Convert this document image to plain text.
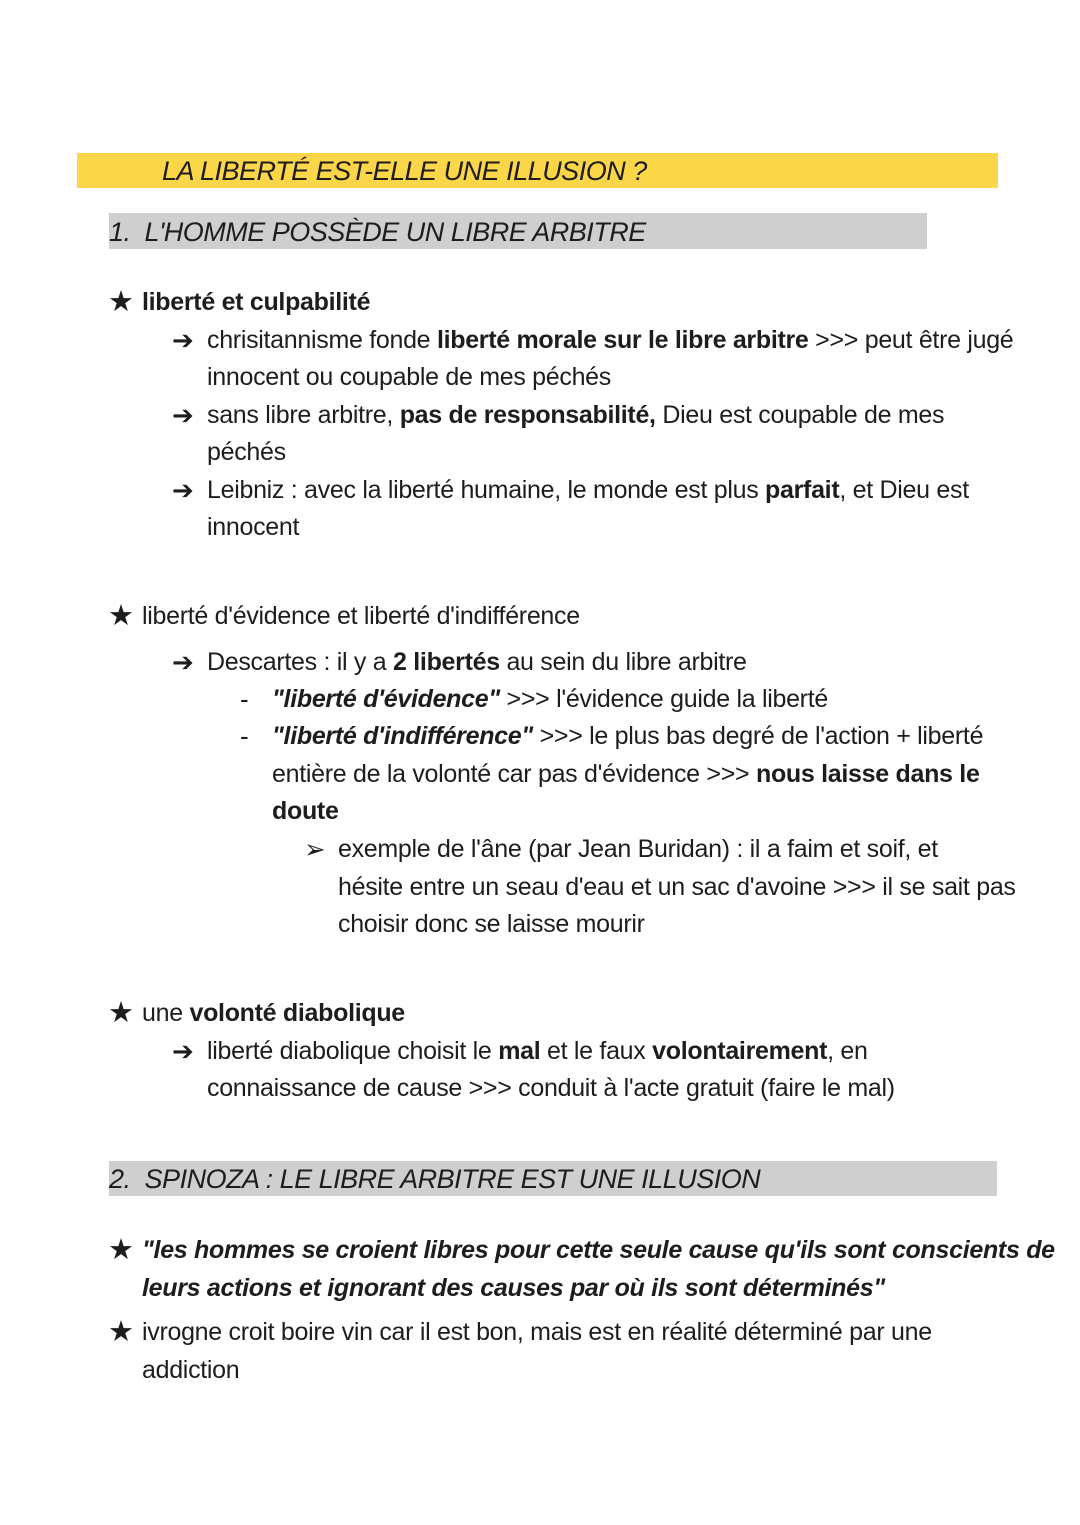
LA LIBERTÉ EST-ELLE UNE ILLUSION ?
1. L'HOMME POSSÈDE UN LIBRE ARBITRE
★ liberté et culpabilité
➔ chrisitannisme fonde liberté morale sur le libre arbitre >>> peut être jugé
innocent ou coupable de mes péchés
➔ sans libre arbitre, pas de responsabilité, Dieu est coupable de mes
péchés
➔ Leibniz : avec la liberté humaine, le monde est plus parfait, et Dieu est
innocent
★ liberté d'évidence et liberté d'indifférence
➔ Descartes : il y a 2 libertés au sein du libre arbitre
- "liberté d'évidence" >>> l'évidence guide la liberté
- "liberté d'indifférence" >>> le plus bas degré de l'action + liberté
entière de la volonté car pas d'évidence >>> nous laisse dans le
doute
➢ exemple de l'âne (par Jean Buridan) : il a faim et soif, et
hésite entre un seau d'eau et un sac d'avoine >>> il se sait pas
choisir donc se laisse mourir
★ une volonté diabolique
➔ liberté diabolique choisit le mal et le faux volontairement, en
connaissance de cause >>> conduit à l'acte gratuit (faire le mal)
2. SPINOZA : LE LIBRE ARBITRE EST UNE ILLUSION
★ "les hommes se croient libres pour cette seule cause qu'ils sont conscients de
leurs actions et ignorant des causes par où ils sont déterminés"
★ ivrogne croit boire vin car il est bon, mais est en réalité déterminé par une
addiction
